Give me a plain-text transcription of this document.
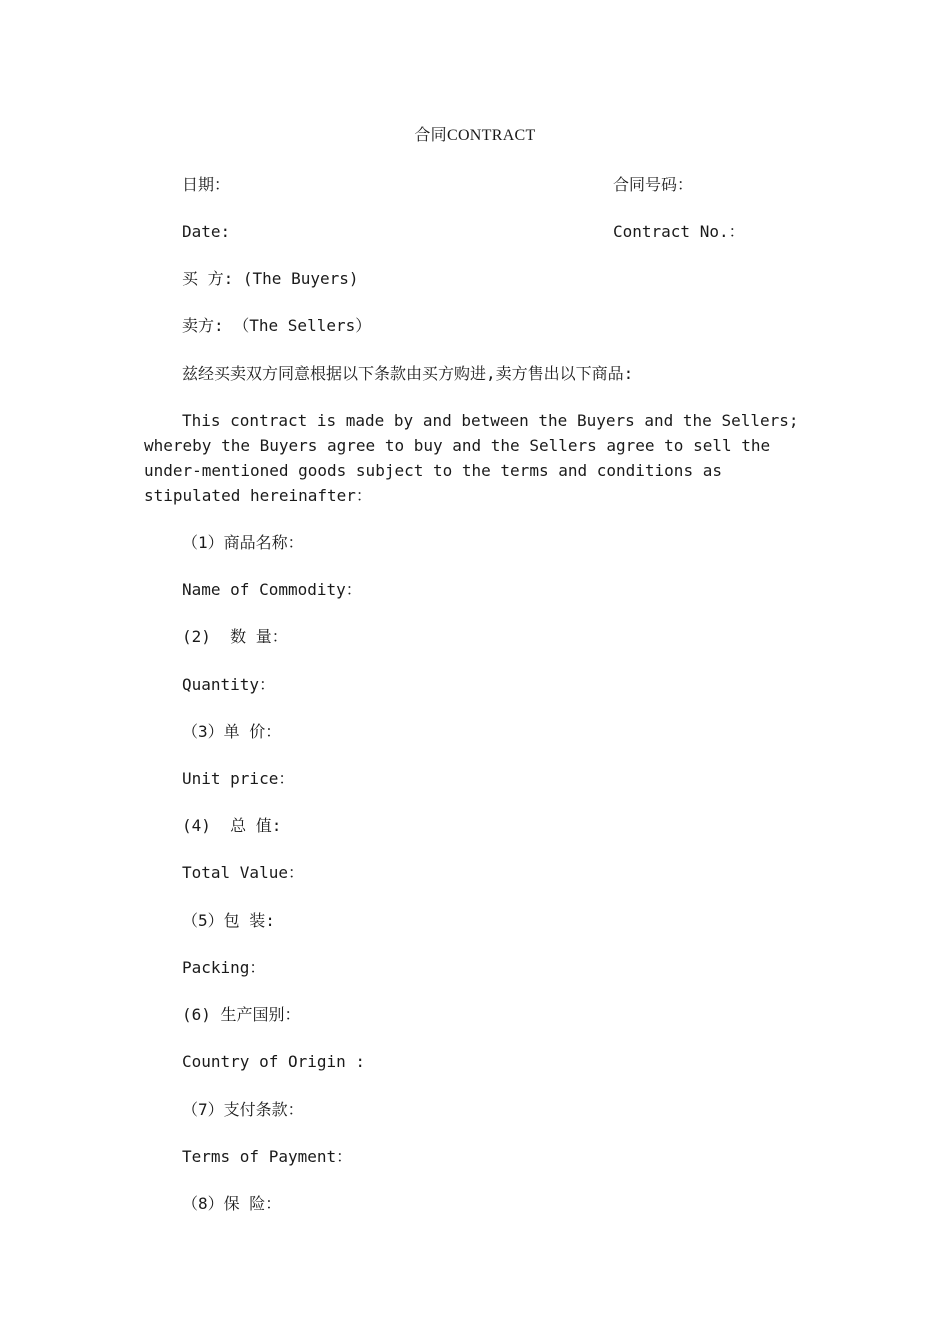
合同CONTRACT
日期：	合同号码：
Date:	Contract No.：
买 方: (The Buyers)
卖方: （The Sellers）
兹经买卖双方同意根据以下条款由买方购进,卖方售出以下商品:
This contract is made by and between the Buyers and the Sellers; whereby the Buyers agree to buy and the Sellers agree to sell the under-mentioned goods subject to the terms and conditions as stipulated hereinafter：
（1）商品名称：
Name of Commodity：
(2)  数 量：
Quantity：
（3）单 价：
Unit price：
(4)  总 值:
Total Value：
（5）包 装:
Packing：
(6) 生产国别：
Country of Origin :
（7）支付条款：
Terms of Payment：
（8）保 险：
